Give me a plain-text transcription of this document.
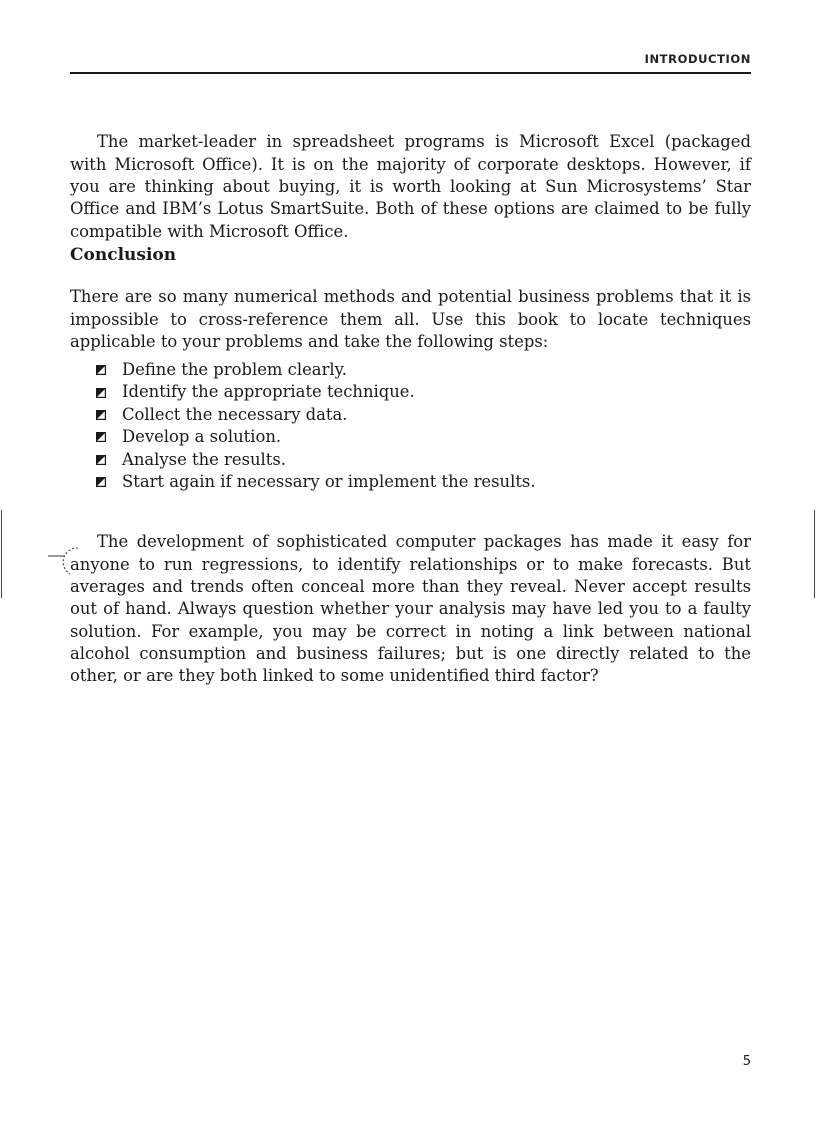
INTRODUCTION

The market-leader in spreadsheet programs is Microsoft Excel (packaged with Microsoft Office). It is on the majority of corporate desktops. However, if you are thinking about buying, it is worth looking at Sun Microsystems’ Star Office and IBM’s Lotus SmartSuite. Both of these options are claimed to be fully compatible with Microsoft Office.

Conclusion

There are so many numerical methods and potential business problems that it is impossible to cross-reference them all. Use this book to locate techniques applicable to your problems and take the following steps:

Define the problem clearly.
Identify the appropriate technique.
Collect the necessary data.
Develop a solution.
Analyse the results.
Start again if necessary or implement the results.

The development of sophisticated computer packages has made it easy for anyone to run regressions, to identify relationships or to make forecasts. But averages and trends often conceal more than they reveal. Never accept results out of hand. Always question whether your analysis may have led you to a faulty solution. For example, you may be correct in noting a link between national alcohol consumption and business failures; but is one directly related to the other, or are they both linked to some unidentified third factor?

5
